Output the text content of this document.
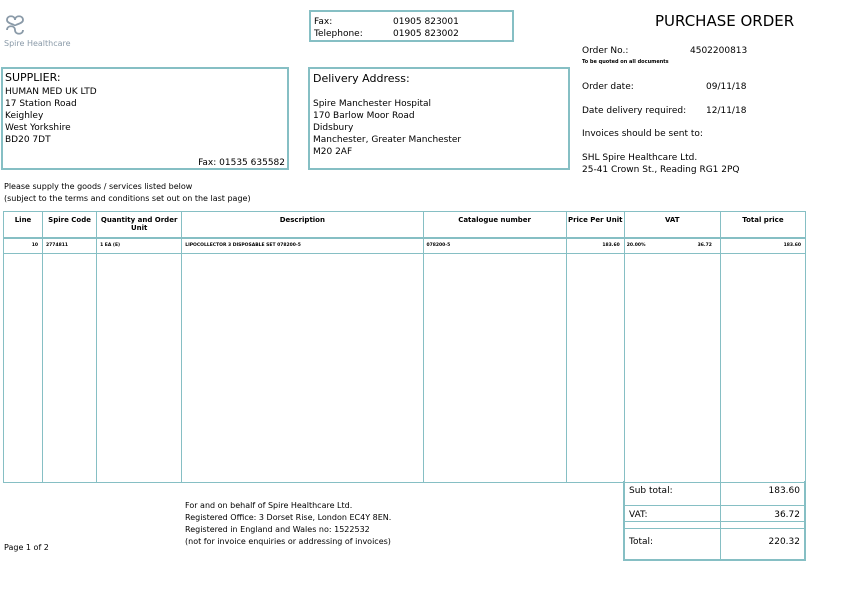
Spire Healthcare
Fax:	01905 823001
Telephone:	01905 823002
PURCHASE ORDER
Order No.:	4502200813
To be quoted on all documents
Order date:	09/11/18
Date delivery required: 12/11/18
Invoices should be sent to:
SHL Spire Healthcare Ltd.
25-41 Crown St., Reading RG1 2PQ
SUPPLIER:
HUMAN MED UK LTD
17 Station Road
Keighley
West Yorkshire
BD20 7DT
Fax: 01535 635582
Delivery Address:
Spire Manchester Hospital
170 Barlow Moor Road
Didsbury
Manchester, Greater Manchester
M20 2AF
Please supply the goods / services listed below
(subject to the terms and conditions set out on the last page)
Line	Spire Code	Quantity and Order Unit	Description	Catalogue number	Price Per Unit	VAT	Total price
10	2774811	1 EA (E)	LIPOCOLLECTOR 3 DISPOSABLE SET 078200-5	078200-5	183.60	20.00% 36.72	183.60

For and on behalf of Spire Healthcare Ltd.
Registered Office: 3 Dorset Rise, London EC4Y 8EN.
Registered in England and Wales no: 1522532
(not for invoice enquiries or addressing of invoices)
Page 1 of 2
Sub total:	183.60
VAT:	36.72
Total:	220.32
